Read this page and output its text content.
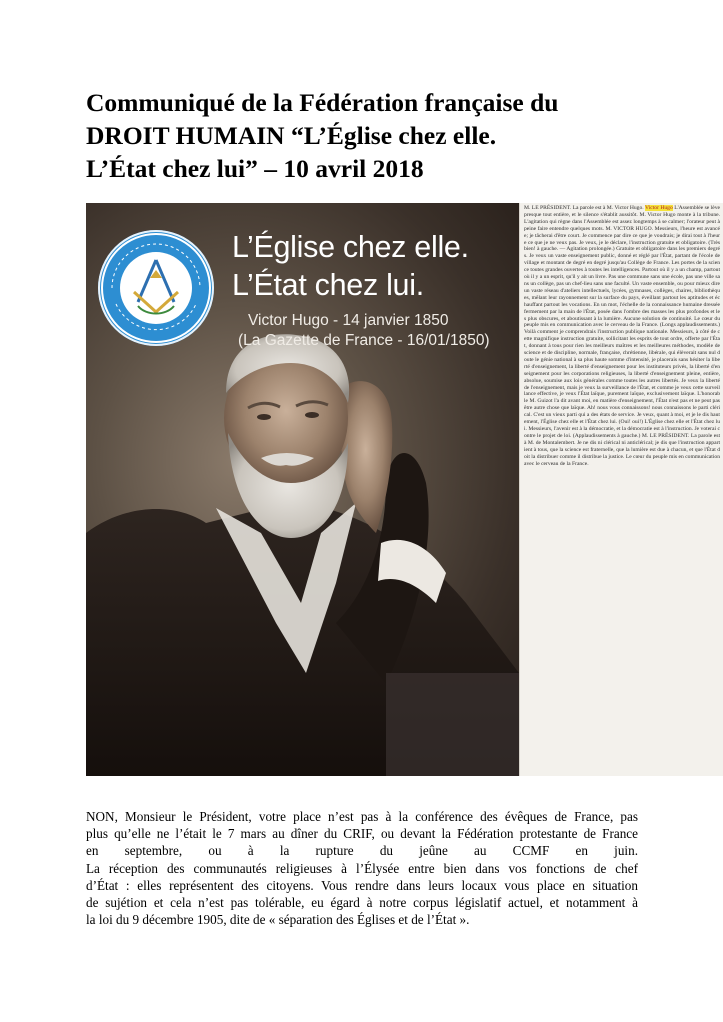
Communiqué de la Fédération française du
DROIT HUMAIN “L’Église chez elle.
L’État chez lui” – 10 avril 2018
L’Église chez elle.
L’État chez lui.
Victor Hugo - 14 janvier 1850
(La Gazette de France - 16/01/1850)
M. LE PRÉSIDENT. La parole est à M. Victor Hugo. Victor Hugo L'Assemblée se lève presque tout entière, et le silence s'établit aussitôt. M. Victor Hugo monte à la tribune. L'agitation qui règne dans l'Assemblée est assez longtemps à se calmer; l'orateur peut à peine faire entendre quelques mots. M. VICTOR HUGO. Messieurs, l'heure est avancée; je tâcherai d'être court. Je commence par dire ce que je voudrais; je dirai tout à l'heure ce que je ne veux pas. Je veux, je le déclare, l'instruction gratuite et obligatoire. (Très bien! à gauche. — Agitation prolongée.) Gratuite et obligatoire dans les premiers degrés. Je veux un vaste enseignement public, donné et réglé par l'État, partant de l'école de village et montant de degré en degré jusqu'au Collège de France. Les portes de la science toutes grandes ouvertes à toutes les intelligences. Partout où il y a un champ, partout où il y a un esprit, qu'il y ait un livre. Pas une commune sans une école, pas une ville sans un collège, pas un chef-lieu sans une faculté. Un vaste ensemble, ou pour mieux dire un vaste réseau d'ateliers intellectuels, lycées, gymnases, collèges, chaires, bibliothèques, mêlant leur rayonnement sur la surface du pays, éveillant partout les aptitudes et échauffant partout les vocations. En un mot, l'échelle de la connaissance humaine dressée fermement par la main de l'État, posée dans l'ombre des masses les plus profondes et les plus obscures, et aboutissant à la lumière. Aucune solution de continuité. Le cœur du peuple mis en communication avec le cerveau de la France. (Longs applaudissements.) Voilà comment je comprendrais l'instruction publique nationale. Messieurs, à côté de cette magnifique instruction gratuite, sollicitant les esprits de tout ordre, offerte par l'État, donnant à tous pour rien les meilleurs maîtres et les meilleures méthodes, modèle de science et de discipline, normale, française, chrétienne, libérale, qui élèverait sans nul doute le génie national à sa plus haute somme d'intensité, je placerais sans hésiter la liberté d'enseignement, la liberté d'enseignement pour les instituteurs privés, la liberté d'enseignement pour les corporations religieuses, la liberté d'enseignement pleine, entière, absolue, soumise aux lois générales comme toutes les autres libertés. Je veux la liberté de l'enseignement, mais je veux la surveillance de l'État, et comme je veux cette surveillance effective, je veux l'État laïque, purement laïque, exclusivement laïque. L'honorable M. Guizot l'a dit avant moi, en matière d'enseignement, l'État n'est pas et ne peut pas être autre chose que laïque. Ah! nous vous connaissons! nous connaissons le parti clérical. C'est un vieux parti qui a des états de service. Je veux, quant à moi, et je le dis hautement, l'Église chez elle et l'État chez lui. (Oui! oui!) L'Église chez elle et l'État chez lui. Messieurs, l'avenir est à la démocratie, et la démocratie est à l'instruction. Je voterai contre le projet de loi. (Applaudissements à gauche.) M. LE PRÉSIDENT. La parole est à M. de Montalembert. Je ne dis ni clérical ni anticlérical; je dis que l'instruction appartient à tous, que la science est fraternelle, que la lumière est due à chacun, et que l'État doit la distribuer comme il distribue la justice. Le cœur du peuple mis en communication avec le cerveau de la France.

NON, Monsieur le Président, votre place n’est pas à la conférence des évêques de France, pas
plus qu’elle ne l’était le 7 mars au dîner du CRIF, ou devant la Fédération protestante de France
en septembre, ou à la rupture du jeûne au CCMF en juin.
La réception des communautés religieuses à l’Élysée entre bien dans vos fonctions de chef
d’État : elles représentent des citoyens. Vous rendre dans leurs locaux vous place en situation
de sujétion et cela n’est pas tolérable, eu égard à notre corpus législatif actuel, et notamment à
la loi du 9 décembre 1905, dite de « séparation des Églises et de l’État ».
